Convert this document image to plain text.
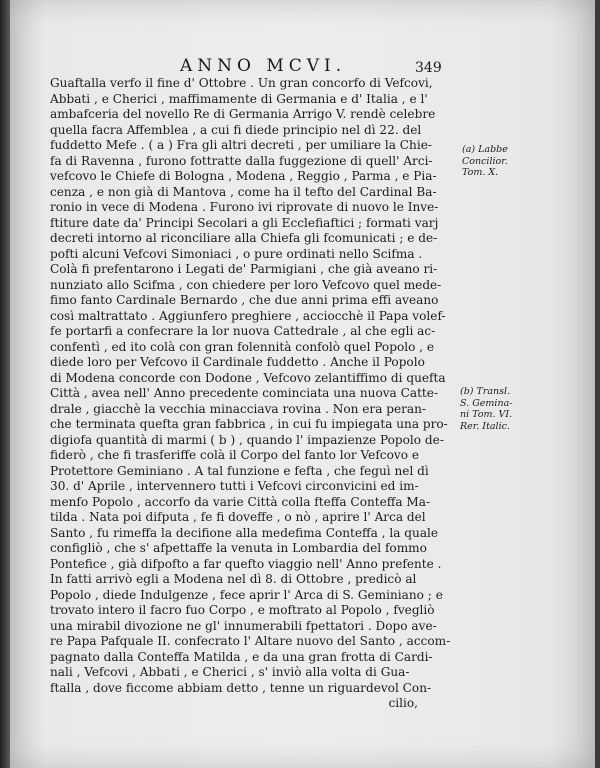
ANNO MCVI.	349
Guaftalla verfo il fine d' Ottobre . Un gran concorfo di Vefcovi,
Abbati , e Cherici , maffimamente di Germania e d' Italia , e l'
ambafceria del novello Re di Germania Arrigo V. rendè celebre
quella facra Affemblea , a cui fi diede principio nel dì 22. del
fuddetto Mefe . ( a ) Fra gli altri decreti , per umiliare la Chie-
fa di Ravenna , furono fottratte dalla fuggezione di quell' Arci-
vefcovo le Chiefe di Bologna , Modena , Reggio , Parma , e Pia-
cenza , e non già di Mantova , come ha il tefto del Cardinal Ba-
ronio in vece di Modena . Furono ivi riprovate di nuovo le Inve-
ftiture date da' Principi Secolari a gli Ecclefiaftici ; formati varj
decreti intorno al riconciliare alla Chiefa gli fcomunicati ; e de-
pofti alcuni Vefcovi Simoniaci , o pure ordinati nello Scifma .
Colà fi prefentarono i Legati de' Parmigiani , che già aveano ri-
nunziato allo Scifma , con chiedere per loro Vefcovo quel mede-
fimo fanto Cardinale Bernardo , che due anni prima effi aveano
così maltrattato . Aggiunfero preghiere , acciocchè il Papa volef-
fe portarfi a confecrare la lor nuova Cattedrale , al che egli ac-
confentì , ed ito colà con gran folennità confolò quel Popolo , e
diede loro per Vefcovo il Cardinale fuddetto . Anche il Popolo
di Modena concorde con Dodone , Vefcovo zelantiffimo di quefta
Città , avea nell' Anno precedente cominciata una nuova Catte-
drale , giacchè la vecchia minacciava rovina . Non era peran-
che terminata quefta gran fabbrica , in cui fu impiegata una pro-
digiofa quantità di marmi ( b ) , quando l' impazienze Popolo de-
fiderò , che fi trasferiffe colà il Corpo del fanto lor Vefcovo e
Protettore Geminiano . A tal funzione e fefta , che feguì nel dì
30. d' Aprile , intervennero tutti i Vefcovi circonvicini ed im-
menfo Popolo , accorfo da varie Città colla fteffa Conteffa Ma-
tilda . Nata poi difputa , fe fi doveffe , o nò , aprire l' Arca del
Santo , fu rimeffa la decifione alla medefima Conteffa , la quale
configliò , che s' afpettaffe la venuta in Lombardia del fommo
Pontefice , già difpofto a far quefto viaggio nell' Anno prefente .
In fatti arrivò egli a Modena nel dì 8. di Ottobre , predicò al
Popolo , diede Indulgenze , fece aprir l' Arca di S. Geminiano ; e
trovato intero il facro fuo Corpo , e moftrato al Popolo , fvegliò
una mirabil divozione ne gl' innumerabili fpettatori . Dopo ave-
re Papa Pafquale II. confecrato l' Altare nuovo del Santo , accom-
pagnato dalla Conteffa Matilda , e da una gran frotta di Cardi-
nali , Vefcovi , Abbati , e Cherici , s' inviò alla volta di Gua-
ftalla , dove ficcome abbiam detto , tenne un riguardevol Con-
cilio,
(a) Labbe
Concilior.
Tom. X.
(b) Transl.
S. Gemina-
ni Tom. VI.
Rer. Italic.
